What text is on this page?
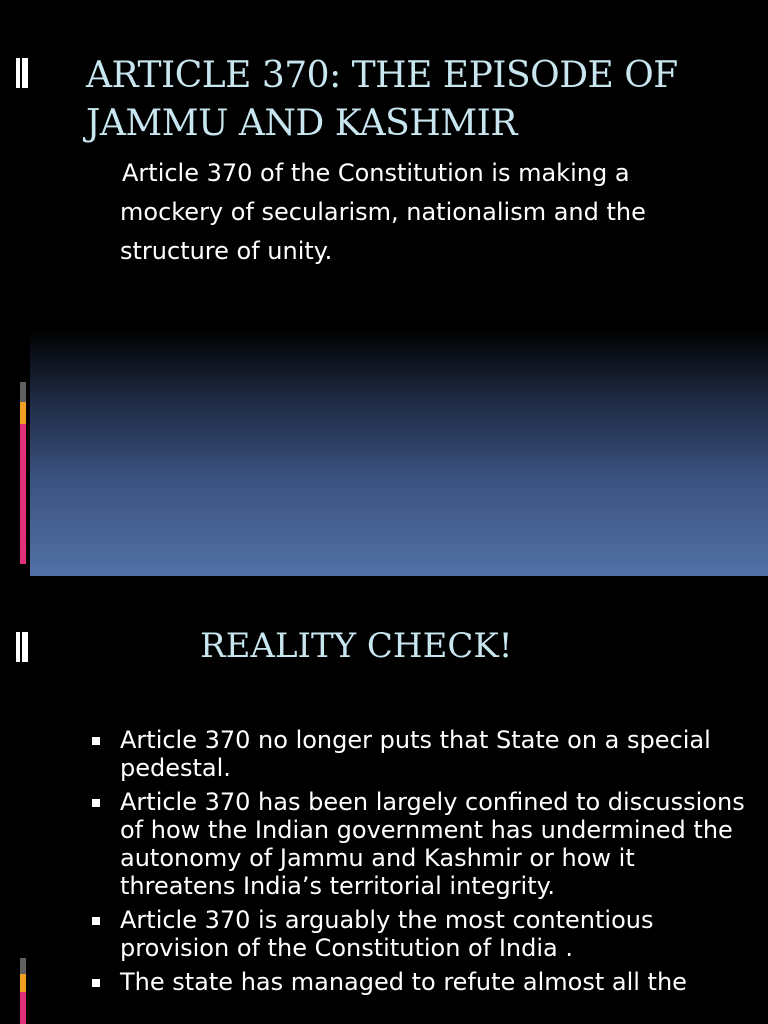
ARTICLE 370: THE EPISODE OF JAMMU AND KASHMIR

Article 370 of the Constitution is making a mockery of secularism, nationalism and the structure of unity.

REALITY CHECK!
Article 370 no longer puts that State on a special pedestal.
Article 370 has been largely confined to discussions of how the Indian government has undermined the autonomy of Jammu and Kashmir or how it threatens India’s territorial integrity.
Article 370 is arguably the most contentious provision of the Constitution of India .
The state has managed to refute almost all the
